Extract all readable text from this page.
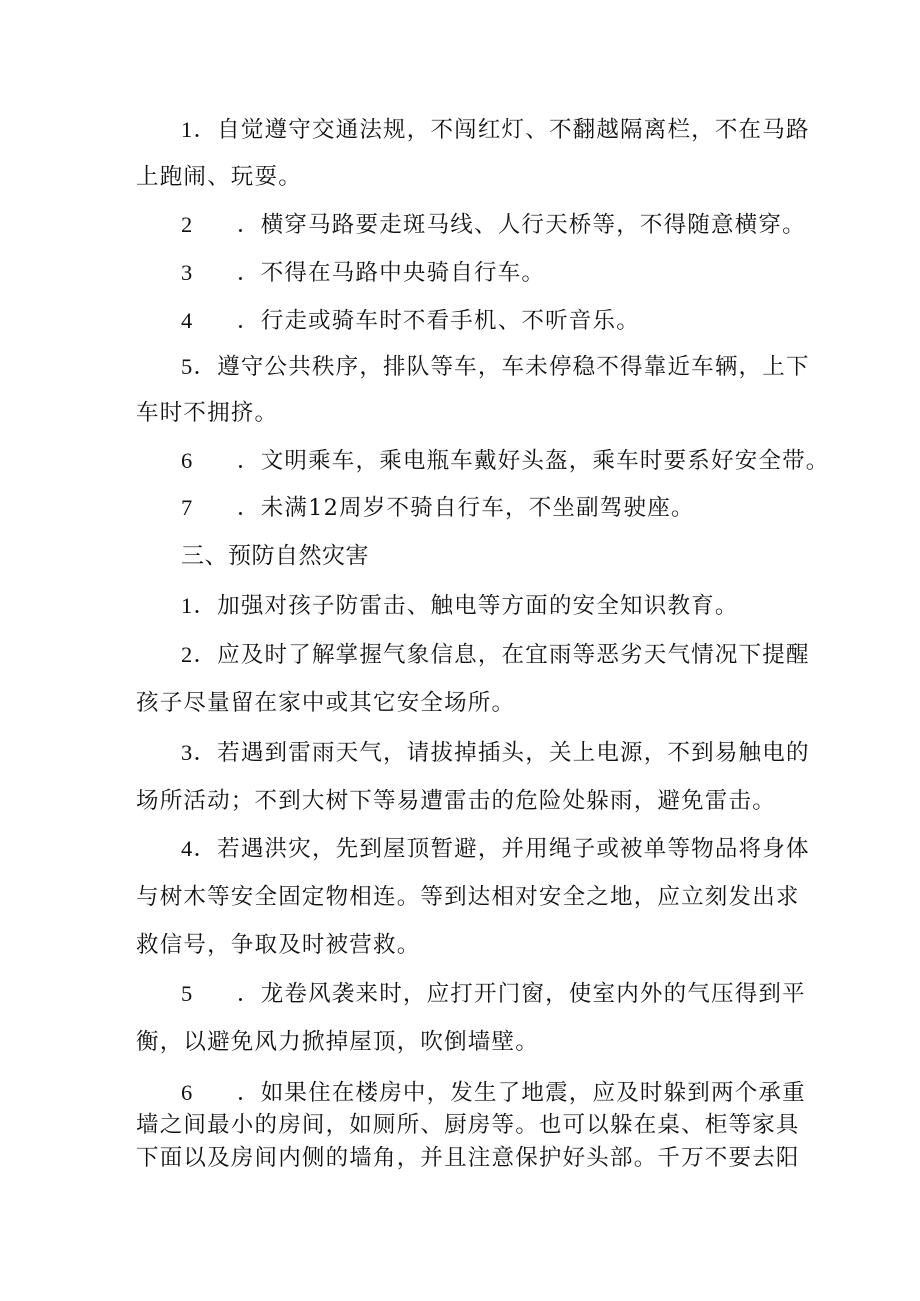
1．自觉遵守交通法规，不闯红灯、不翻越隔离栏，不在马路
上跑闹、玩耍。
2 ．横穿马路要走斑马线、人行天桥等，不得随意横穿。
3 ．不得在马路中央骑自行车。
4 ．行走或骑车时不看手机、不听音乐。
5．遵守公共秩序，排队等车，车未停稳不得靠近车辆，上下
车时不拥挤。
6 ．文明乘车，乘电瓶车戴好头盔，乘车时要系好安全带。
7 ．未满12周岁不骑自行车，不坐副驾驶座。
三、预防自然灾害
1．加强对孩子防雷击、触电等方面的安全知识教育。
2．应及时了解掌握气象信息，在宜雨等恶劣天气情况下提醒
孩子尽量留在家中或其它安全场所。
3．若遇到雷雨天气，请拔掉插头，关上电源，不到易触电的
场所活动；不到大树下等易遭雷击的危险处躲雨，避免雷击。
4．若遇洪灾，先到屋顶暂避，并用绳子或被单等物品将身体
与树木等安全固定物相连。等到达相对安全之地，应立刻发出求
救信号，争取及时被营救。
5 ．龙卷风袭来时，应打开门窗，使室内外的气压得到平
衡，以避免风力掀掉屋顶，吹倒墙壁。
6 ．如果住在楼房中，发生了地震，应及时躲到两个承重
墙之间最小的房间，如厕所、厨房等。也可以躲在桌、柜等家具
下面以及房间内侧的墙角，并且注意保护好头部。千万不要去阳
